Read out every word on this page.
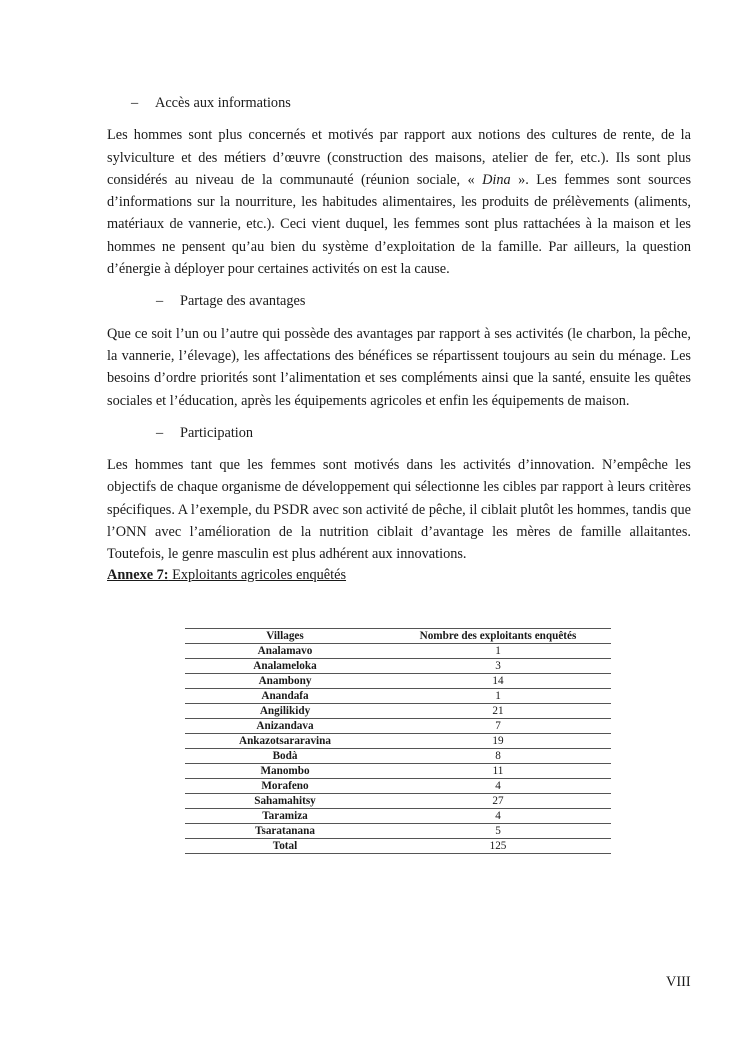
–	Accès aux informations

Les hommes sont plus concernés et motivés par rapport aux notions des cultures de rente, de la sylviculture et des métiers d’œuvre (construction des maisons, atelier de fer, etc.). Ils sont plus considérés au niveau de la communauté (réunion sociale, « Dina ». Les femmes sont sources d’informations sur la nourriture, les habitudes alimentaires, les produits de prélèvements (aliments, matériaux de vannerie, etc.). Ceci vient duquel, les femmes sont plus rattachées à la maison et les hommes ne pensent qu’au bien du système d’exploitation de la famille. Par ailleurs, la question d’énergie à déployer pour certaines activités on est la cause.

–	Partage des avantages

Que ce soit l’un ou l’autre qui possède des avantages par rapport à ses activités (le charbon, la pêche, la vannerie, l’élevage), les affectations des bénéfices se répartissent toujours au sein du ménage. Les besoins d’ordre priorités sont l’alimentation et ses compléments ainsi que la santé, ensuite les quêtes sociales et l’éducation, après les équipements agricoles et enfin les équipements de maison.

–	Participation

Les hommes tant que les femmes sont motivés dans les activités d’innovation. N’empêche les objectifs de chaque organisme de développement qui sélectionne les cibles par rapport à leurs critères spécifiques. A l’exemple, du PSDR avec son activité de pêche, il ciblait plutôt les hommes, tandis que l’ONN avec l’amélioration de la nutrition ciblait d’avantage les mères de famille allaitantes. Toutefois, le genre masculin est plus adhérent aux innovations.

Annexe 7: Exploitants agricoles enquêtés

Villages	Nombre des exploitants enquêtés
Analamavo	1
Analameloka	3
Anambony	14
Anandafa	1
Angilikidy	21
Anizandava	7
Ankazotsararavina	19
Bodà	8
Manombo	11
Morafeno	4
Sahamahitsy	27
Taramiza	4
Tsaratanana	5
Total	125
VIII
